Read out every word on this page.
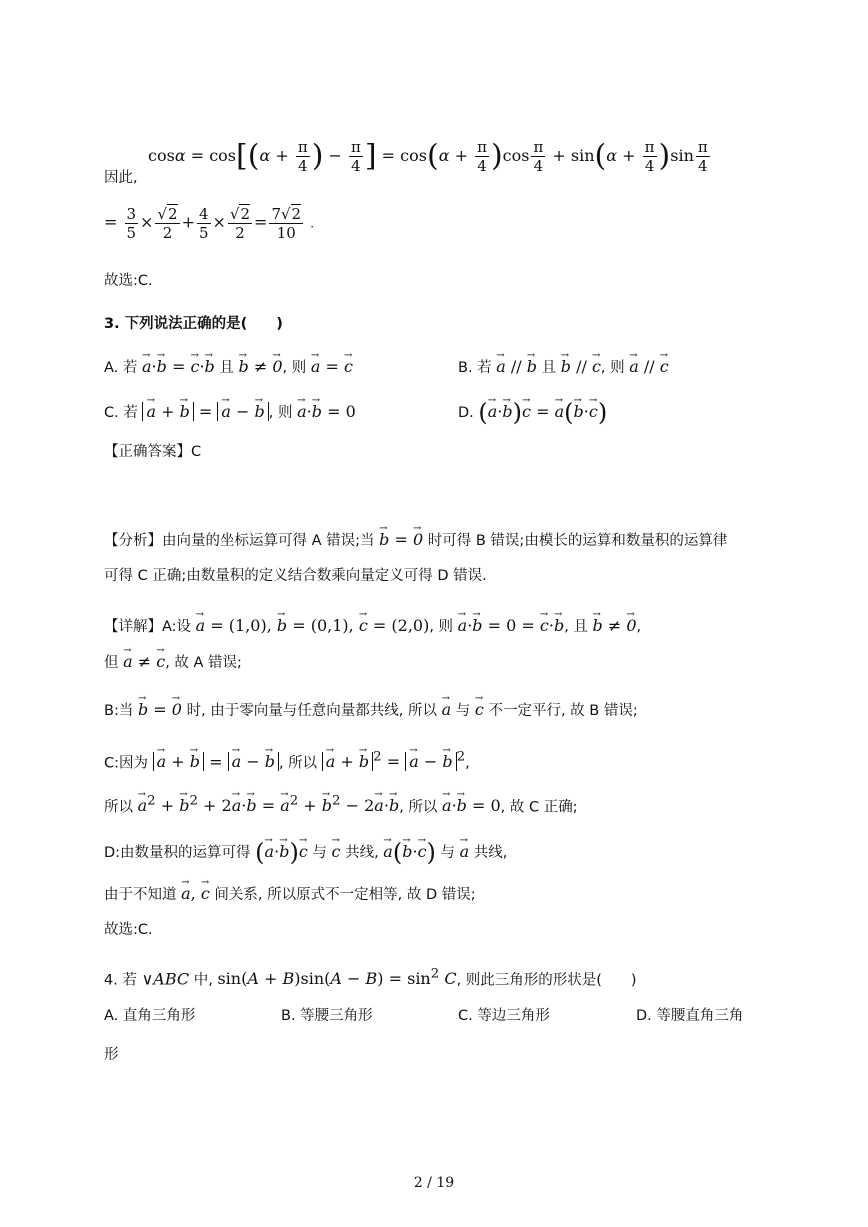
$\cos\alpha = \cos[(\alpha + \frac{\pi}{4}$ ) − $\frac{\pi}{4}$ ] = $\cos(\alpha + \frac{\pi}{4} )\cos \frac{\pi}{4} + \sin(\alpha + \frac{\pi}{4} )\sin \frac{\pi}{4}$
因此,
= $\frac{3}{5} \times \frac{√2}{2} + \frac{4}{5} \times \frac{√2}{2} = \frac{7√2}{10}$ .
故选:C.
3. 下列说法正确的是(　　)
A. 若 → a·→ b = → c·→ b 且 → b ≠ → 0, 则 → a = → c	B. 若 → a // → b 且 → b // → c, 则 → a // → c
C. 若 → a + → b = → a − → b , 则 → a·→ b = 0	D. (→ a·→ b)→ c = → a(→ b·→ c)
【正确答案】C
【分析】由向量的坐标运算可得 A 错误;当 → b = → 0 时可得 B 错误;由模长的运算和数量积的运算律
可得 C 正确;由数量积的定义结合数乘向量定义可得 D 错误.
【详解】A:设 → a = (1,0), → b = (0,1), → c = (2,0), 则 → a·→ b = 0 = → c·→ b, 且 → b ≠ → 0,
但 → a ≠ → c, 故 A 错误;
B:当 → b = → 0 时, 由于零向量与任意向量都共线, 所以 → a 与 → c 不一定平行, 故 B 错误;
C:因为 → a + → b = → a − → b , 所以 → a + → b $^2$ = → a − → b $^2$,
所以 → $a^2$ + → $b^2 + 2\to a\cdot\to b$ = → $a^2$ + → $b^2 - 2\to a\cdot\to b$, 所以 → a·→ b = 0, 故 C 正确;
D:由数量积的运算可得 (→ a·→ b)→ c 与 → c 共线, → a(→ b·→ c) 与 → a 共线,
由于不知道 → a, → c 间关系, 所以原式不一定相等, 故 D 错误;
故选:C.
4. 若 ∨ABC 中, $\sin(A + B)\sin(A - B) = \sin^2 C$, 则此三角形的形状是(　　)
A. 直角三角形	B. 等腰三角形	C. 等边三角形	D. 等腰直角三角
形
2 / 19
